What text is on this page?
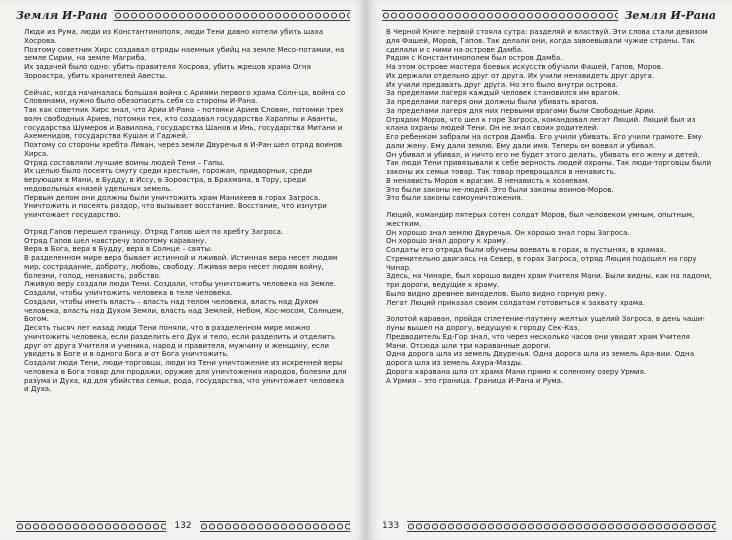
Земля И-Рана

Люди из Рума, люди из Константинополя, люди Тени давно хотели убить шаха Хосрова.

Поэтому советник Хирс создавал отряды наемных убийц на земле Месо-потамии, на земле Сирии, на земле Магриба.

Их задачей было одно: убить правителя Хосрова, убить жрецов храма Огня Зороастра, убить хранителей Авесты.

Сейчас, когда начиналась большая война с Ариями первого храма Солн-ца, война со Словянами, нужно было обезопасить себя со стороны И-Рана.

Так как советник Хирс знал, что Арии И-Рана – потомки Ариев Словян, потомки трех волн свободных Ариев, потомки тех, кто создавал государства Хараппы и Аванты, государства Шумеров и Вавилона, государства Шанов и Инь, государства Митани и Ахеменидов, государства Кушан и Гаджей.

Поэтому со стороны хребта Ливан, через земли Двуречья в И-Ран шел отряд воинов Хирса.

Отряд составляли лучшие воины людей Тени – Гапы.

Их целью было посеять смуту среди крестьян, горожан, придворных, среди верующих в Мани, в Будду, в Иссу, в Зороастра, в Брахмана, в Тору, среди недовольных князей удельных земель.

Первым делом они должны были уничтожить храм Манихеев в горах Загроса. Уничтожить и посеять раздор, что вызывает восстание. Восстание, что изнутри уничтожает государство.

Отряд Гапов перешел границу. Отряд Гапов шел по хребту Загроса.

Отряд Гапов шел навстречу золотому каравану.

Вера в Бога, вера в Будду, вера в Солнце – святы.

В разделенном мире вера бывает истинной и лживой. Истинная вера несет людям мир, сострадание, доброту, любовь, свободу. Лживая вера несет людям войну, болезни, голод, ненависть, рабство.

Лживую веру создали люди Тени. Создали, чтобы уничтожить человека на Земле. Создали, чтобы уничтожить человека в теле человека.

Создали, чтобы иметь власть – власть над телом человека, власть над Духом человека, власть над Духом Земли, власть над Землей, Небом, Кос-мосом, Солнцем, Богом.

Десять тысяч лет назад люди Тени поняли, что в разделенном мире можно уничтожить человека, если разделить его Дух и тело, если разделить и отделить друг от друга Учителя и ученика, народ и правителя, мужчину и женщину, если увидеть в Боге и в одного Бога и от Бога уничтожить.

Создали люди Тени, люди-торговцы, люди из Тени уничтожение из искренней веры человека в Бога товар для продажи, оружие для уничтожения народов, болезни для разума и Духа, яд для убийства семьи, рода, государства, что уничтожает человека и Духа.

132
Земля И-Рана

В Черной Книге первой стояла сутра: разделяй и властвуй. Эти слова стали девизом для Фашей, Моров, Гапов. Так делали они, когда завоевывали чужие страны. Так сделали и с ними на острове Дамба.

Рядом с Константинополем был остров Дамба.

На этом острове мастера боевых искусств обучали Фашей, Гапов, Моров.

Их держали отдельно друг от друга. Их учили ненавидеть друг друга.

Их учили предавать друг друга. Но это было внутри острова.

За пределами лагеря каждый человек становился им врагом.

За пределами лагеря они должны были убивать врагов.

За пределами лагеря для них первыми врагами были Свободные Арии.

Отрядом Моров, что шел к горе Загроса, командовал легат Люций. Люций был из клана охраны людей Тени. Он не знал своих родителей.

Его ребенком забрали на остров Дамба. Его учили убивать. Его учили грамоте. Ему дали жену. Ему дали землю. Ему дали имя. Теперь он воевал и убивал.

Он убивал и убивал, и ничто его не будет этого делать, убивать его жену и детей.

Так люди Тени привязывали к себе верность людей охраны. Так люди-торговцы были законы их семьи товар. Так товар превращался в ненависть.

В ненависть Моров к врагам. В ненависть к хозяевам.

Это были законы не-людей. Это были законы воинов-Моров.

Это были законы самоуничтожения.

Люций, командир пятерых сотен солдат Моров, был человеком умным, опытным, жестким.

Он хорошо знал землю Двуречья. Он хорошо знал горы Загроса.

Он хорошо знал дорогу к храму.

Солдаты его отряда были обучены воевать в горах, в пустынях, в храмах.

Стремительно двигаясь на Север, в горах Загроса, отряд Люция подошел на гору Чинар.

Здесь, на Чинаре, был хорошо виден храм Учителя Мани. Были видны, как на ладони, три дороги, ведущие к храму.

Было видно древнее виноделов. Было видно горную реку.

Легат Люций приказал своим солдатам готовиться к захвату храма.

Золотой караван, пройдя сплетение-паутину желтых ущелий Загроса, в день чаши-луны вышел на дорогу, ведущую к городу Сек-Каз.

Предводитель Ед-Гор знал, что через несколько часов они увидят храм Учителя Мани. Отсюда шли три караванные дороги.

Одна дорога шла из земель Двуречья. Одна дорога шла из земель Ара-вии. Одна дорога шла из земель Ахура-Мазды.

Дорога каравана шла от храма Мани прямо к соленому озеру Урмия.

А Урмия – это граница. Граница И-Рана и Рума.

133
